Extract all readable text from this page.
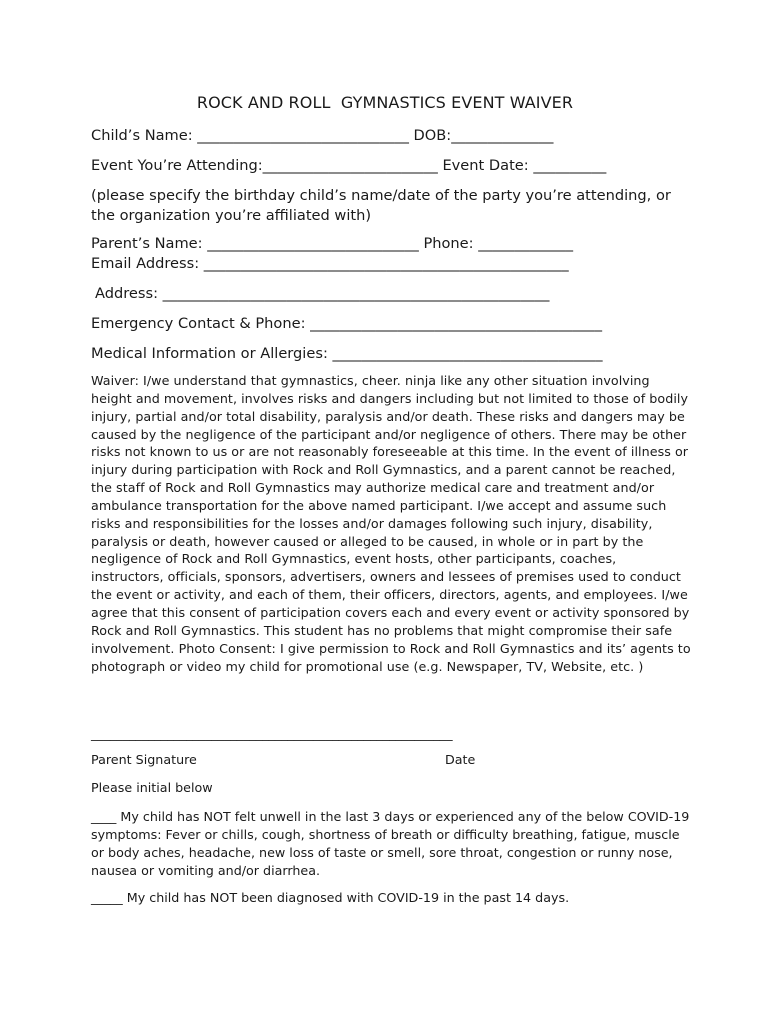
ROCK AND ROLL  GYMNASTICS EVENT WAIVER

Child’s Name: _____________________________ DOB:______________

Event You’re Attending:________________________ Event Date: __________

(please specify the birthday child’s name/date of the party you’re attending, or the organization you’re affiliated with)

Parent’s Name: _____________________________ Phone: _____________

Email Address: __________________________________________________

Address: _____________________________________________________

Emergency Contact & Phone: ________________________________________

Medical Information or Allergies: _____________________________________

Waiver: I/we understand that gymnastics, cheer. ninja like any other situation involving height and movement, involves risks and dangers including but not limited to those of bodily injury, partial and/or total disability, paralysis and/or death. These risks and dangers may be caused by the negligence of the participant and/or negligence of others. There may be other risks not known to us or are not reasonably foreseeable at this time. In the event of illness or injury during participation with Rock and Roll Gymnastics, and a parent cannot be reached, the staff of Rock and Roll Gymnastics may authorize medical care and treatment and/or ambulance transportation for the above named participant. I/we accept and assume such risks and responsibilities for the losses and/or damages following such injury, disability, paralysis or death, however caused or alleged to be caused, in whole or in part by the negligence of Rock and Roll Gymnastics, event hosts, other participants, coaches, instructors, officials, sponsors, advertisers, owners and lessees of premises used to conduct the event or activity, and each of them, their officers, directors, agents, and employees. I/we agree that this consent of participation covers each and every event or activity sponsored by Rock and Roll Gymnastics. This student has no problems that might compromise their safe involvement. Photo Consent: I give permission to Rock and Roll Gymnastics and its’ agents to photograph or video my child for promotional use (e.g. Newspaper, TV, Website, etc. )

_________________________________________________________

Parent Signature	Date

Please initial below

____ My child has NOT felt unwell in the last 3 days or experienced any of the below COVID-19 symptoms: Fever or chills, cough, shortness of breath or difficulty breathing, fatigue, muscle or body aches, headache, new loss of taste or smell, sore throat, congestion or runny nose, nausea or vomiting and/or diarrhea.

_____ My child has NOT been diagnosed with COVID-19 in the past 14 days.
